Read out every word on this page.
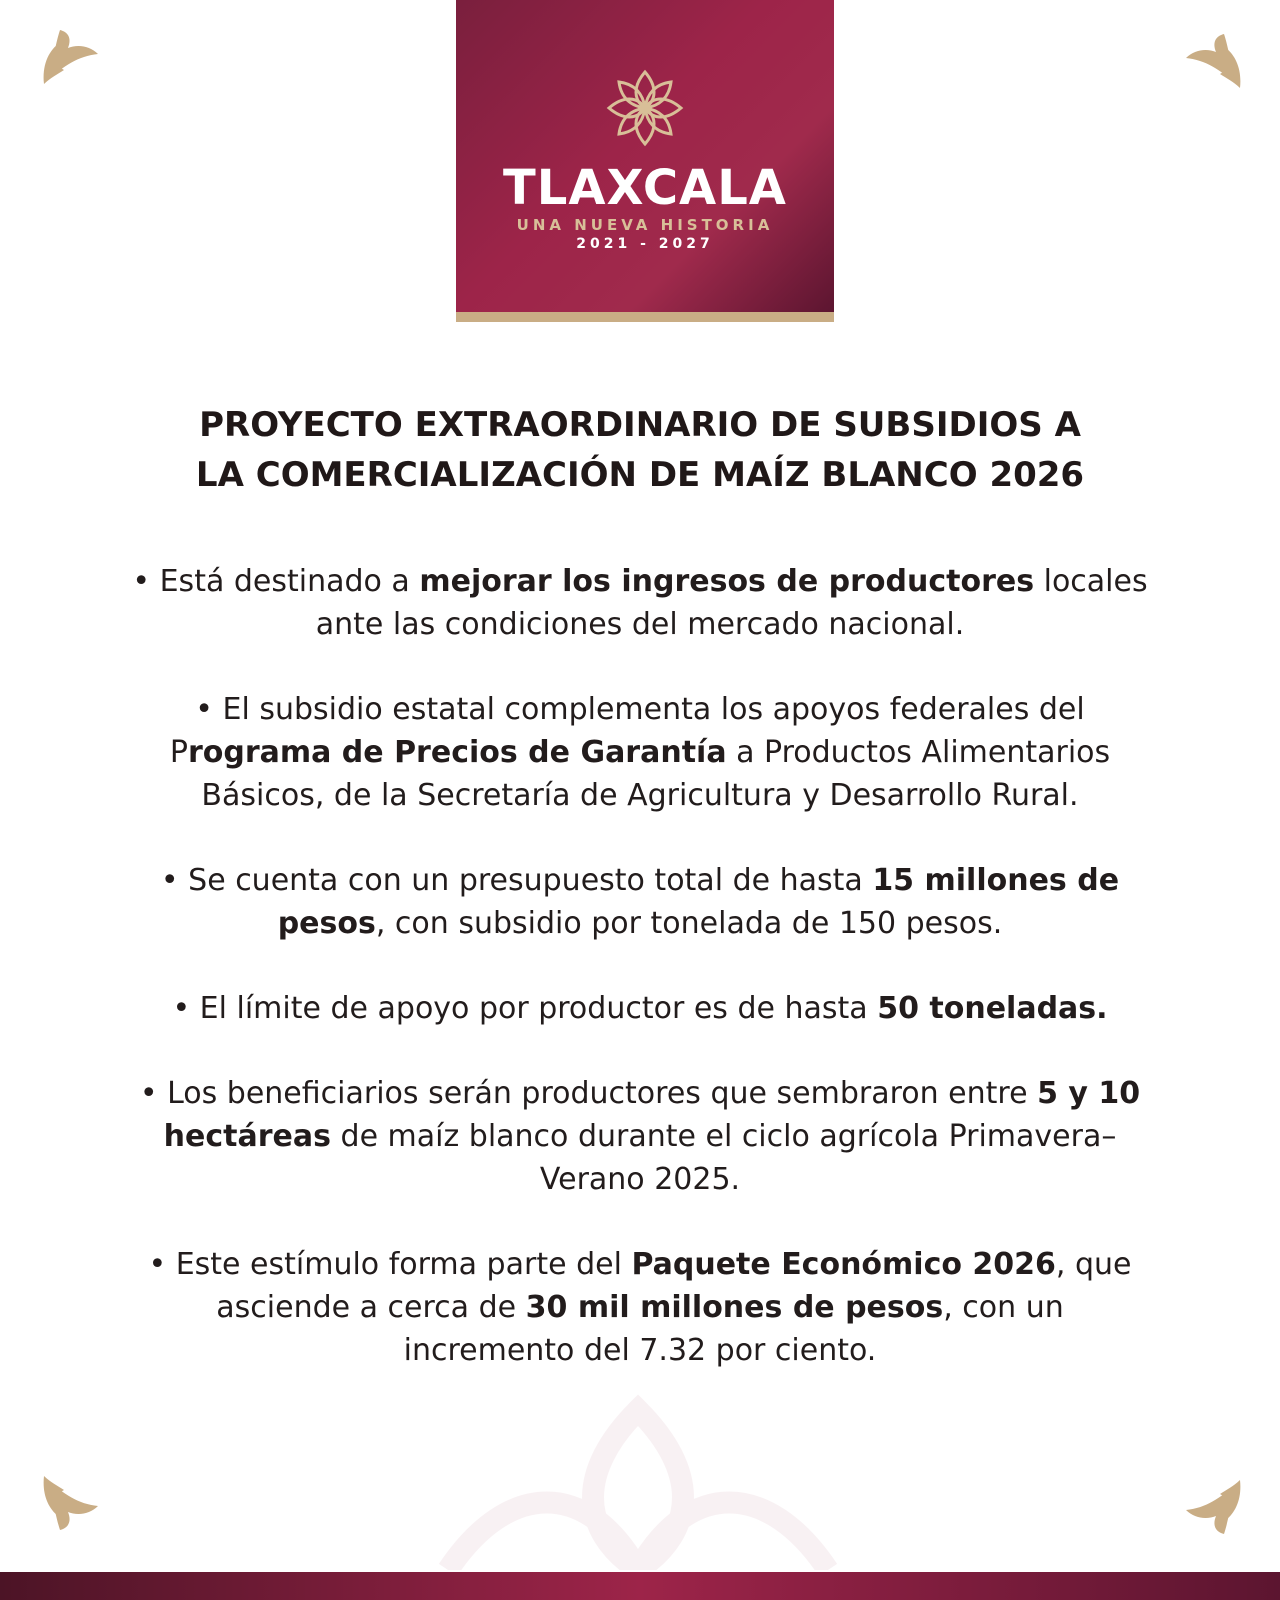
TLAXCALA
UNA NUEVA HISTORIA
2021 - 2027
PROYECTO EXTRAORDINARIO DE SUBSIDIOS A
LA COMERCIALIZACIÓN DE MAÍZ BLANCO 2026

• Está destinado a mejorar los ingresos de productores locales ante las condiciones del mercado nacional.

• El subsidio estatal complementa los apoyos federales del Programa de Precios de Garantía a Productos Alimentarios Básicos, de la Secretaría de Agricultura y Desarrollo Rural.

• Se cuenta con un presupuesto total de hasta 15 millones de pesos, con subsidio por tonelada de 150 pesos.

• El límite de apoyo por productor es de hasta 50 toneladas.

• Los beneficiarios serán productores que sembraron entre 5 y 10 hectáreas de maíz blanco durante el ciclo agrícola Primavera–Verano 2025.

• Este estímulo forma parte del Paquete Económico 2026, que asciende a cerca de 30 mil millones de pesos, con un incremento del 7.32 por ciento.
